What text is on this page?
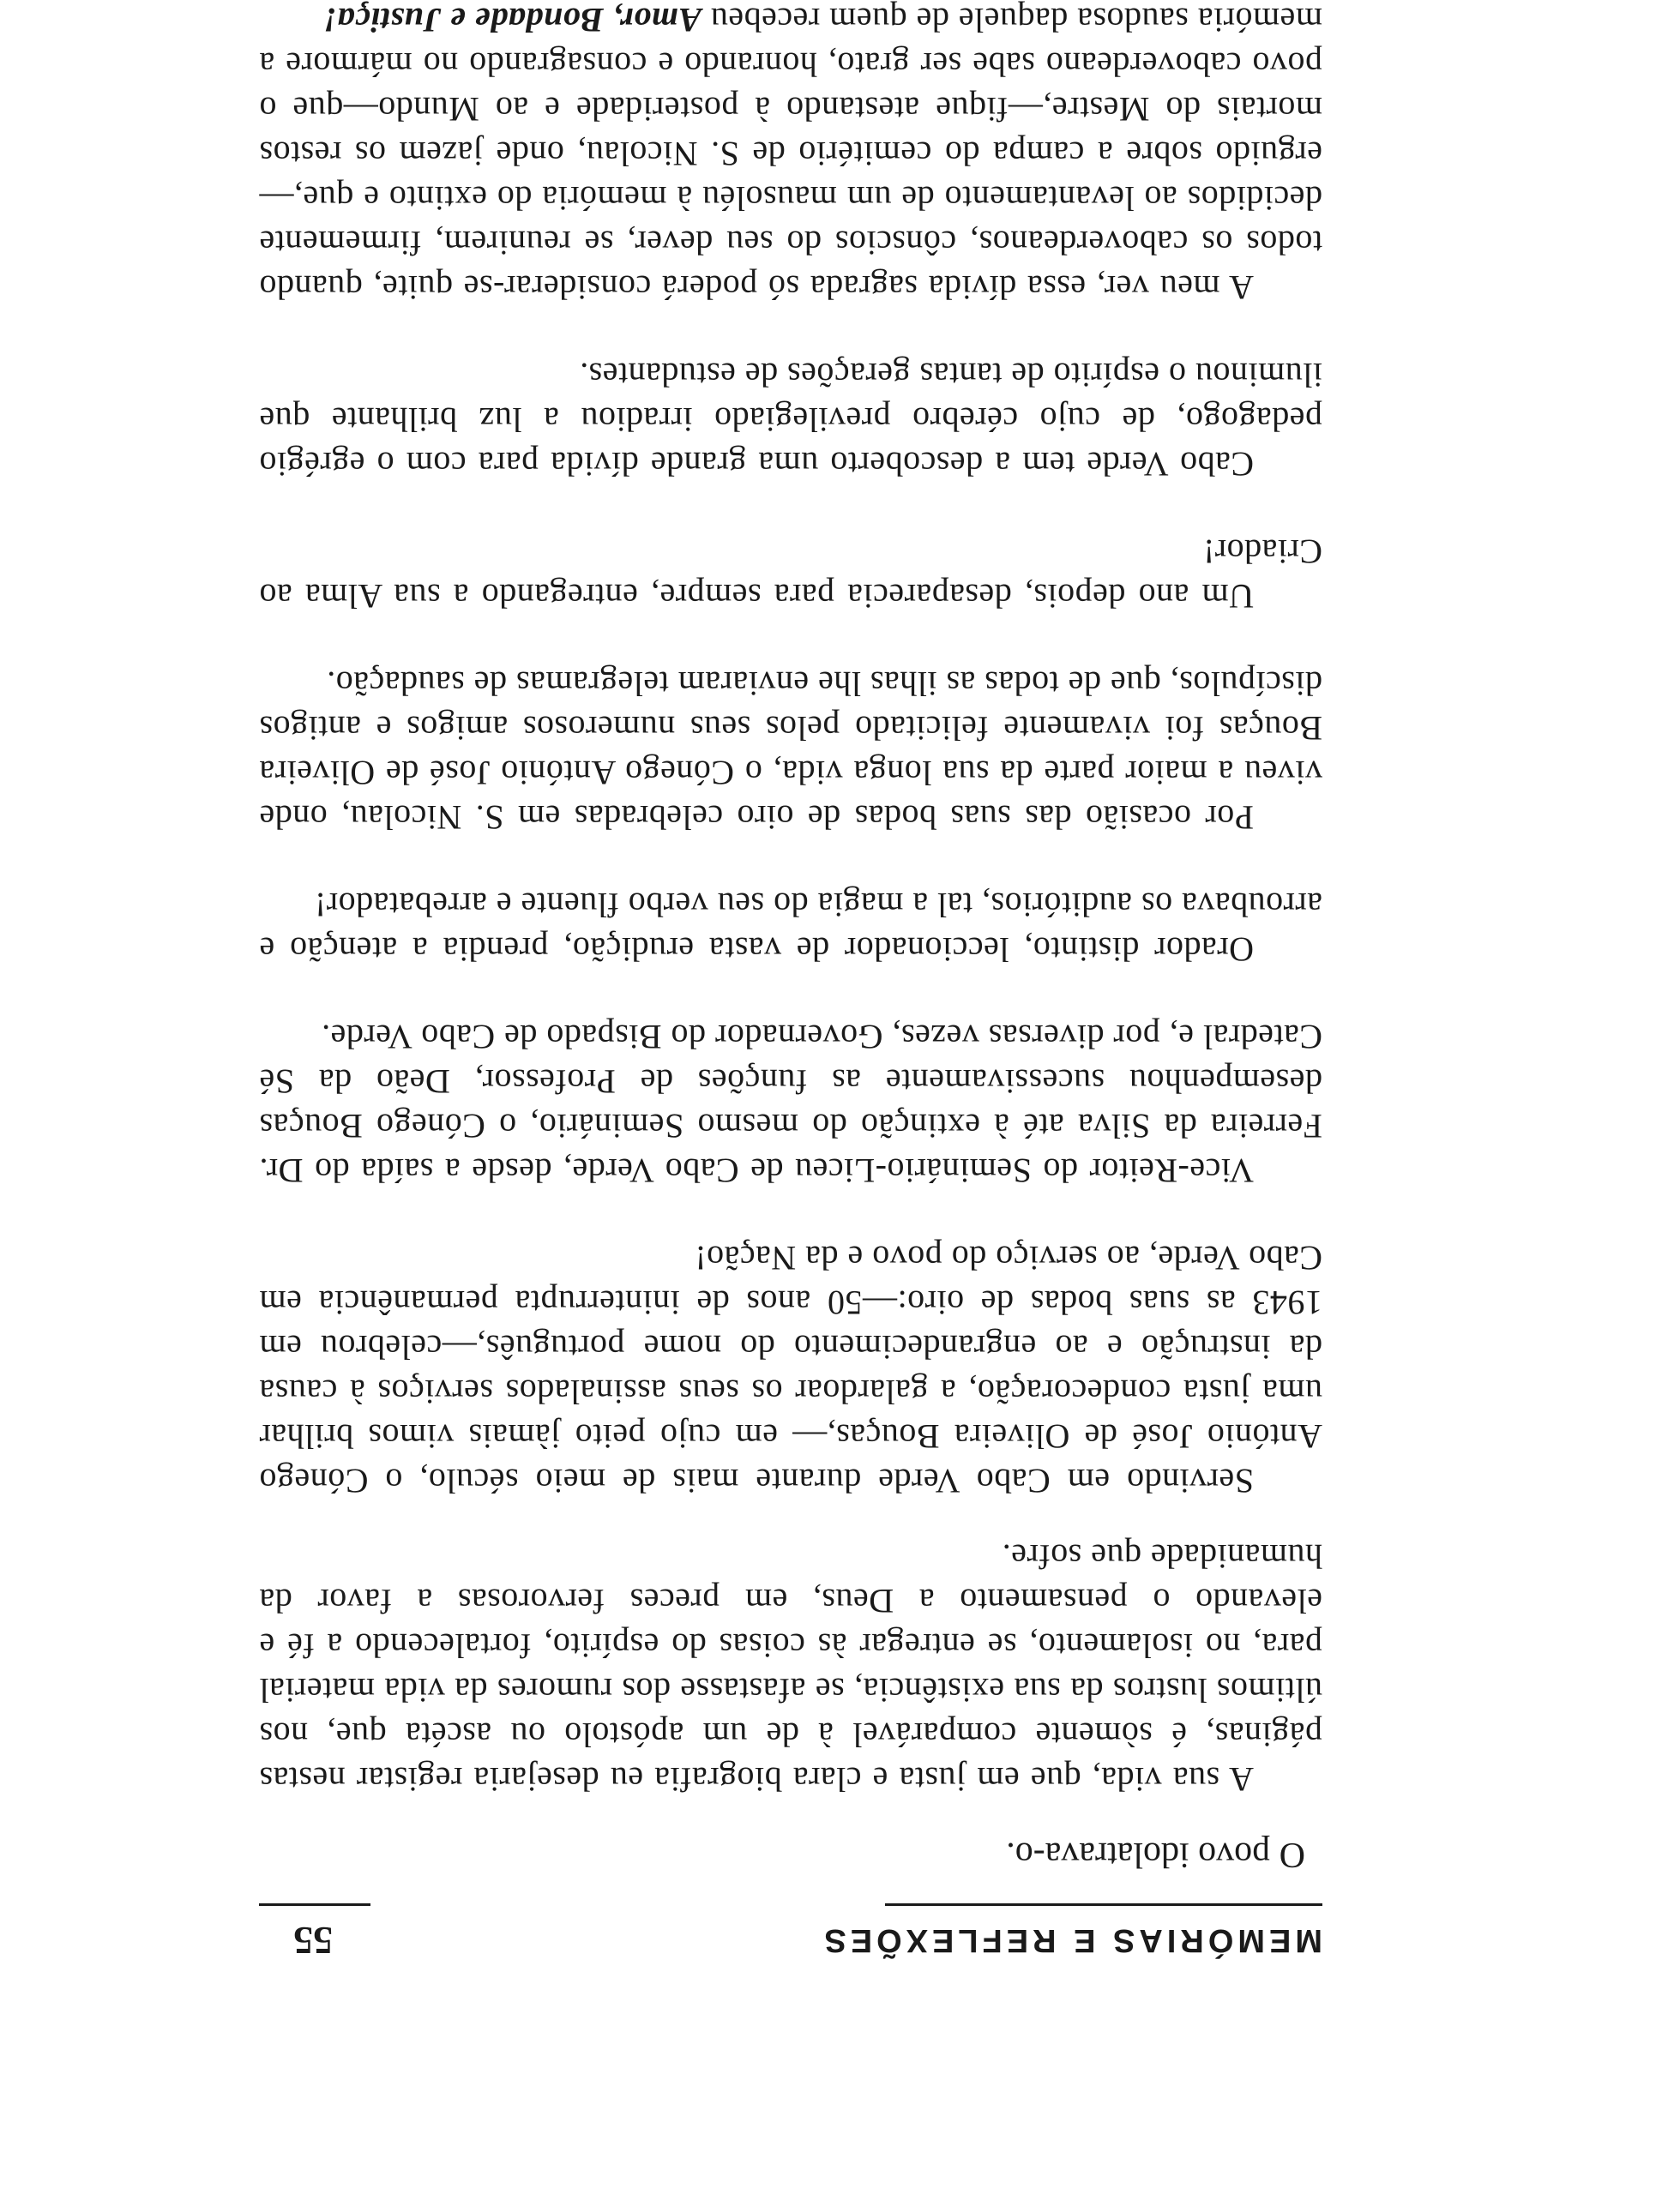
MEMÓRIAS E REFLEXÕES
55
O povo idolatrava-o.

A sua vida, que em justa e clara biografia eu desejaria registar nestas páginas, é sòmente comparável à de um apóstolo ou ascéta que, nos últimos lustros da sua existência, se afastasse dos rumores da vida material para, no isolamento, se entregar às coisas do espírito, fortalecendo a fé e elevando o pensamento a Deus, em preces fervorosas a favor da humanidade que sofre.

Servindo em Cabo Verde durante mais de meio século, o Cónego António José de Oliveira Bouças,— em cujo peito jàmais vimos brilhar uma justa condecoração, a galardoar os seus assinalados serviços à causa da instrução e ao engrandecimento do nome português,—celebrou em 1943 as suas bodas de oiro:—50 anos de ininterrupta permanência em Cabo Verde, ao serviço do povo e da Nação!

Vice-Reitor do Seminário-Liceu de Cabo Verde, desde a saída do Dr. Ferreira da Silva até à extinção do mesmo Seminário, o Cónego Bouças desempenhou sucessivamente as funções de Professor, Deão da Sé Catedral e, por diversas vezes, Governador do Bispado de Cabo Verde.

Orador distinto, leccionador de vasta erudição, prendia a atenção e arroubava os auditórios, tal a magia do seu verbo fluente e arrebatador!

Por ocasião das suas bodas de oiro celebradas em S. Nicolau, onde viveu a maior parte da sua longa vida, o Cónego António José de Oliveira Bouças foi vivamente felicitado pelos seus numerosos amigos e antigos discípulos, que de todas as ilhas lhe enviaram telegramas de saudação.

Um ano depois, desaparecia para sempre, entregando a sua Alma ao Criador!

Cabo Verde tem a descoberto uma grande dívida para com o egrégio pedagogo, de cujo cérebro previlegiado irradiou a luz brilhante que iluminou o espírito de tantas gerações de estudantes.

A meu ver, essa dívida sagrada só poderá considerar-se quite, quando todos os caboverdeanos, cônscios do seu dever, se reunirem, firmemente decididos ao levantamento de um mausoléu à memória do extinto e que,—erguido sobre a campa do cemitério de S. Nicolau, onde jazem os restos mortais do Mestre,—fique atestando à posteridade e ao Mundo—que o povo caboverdeano sabe ser grato, honrando e consagrando no mármore a memória saudosa daquele de quem recebeu Amor, Bondade e Justiça!
